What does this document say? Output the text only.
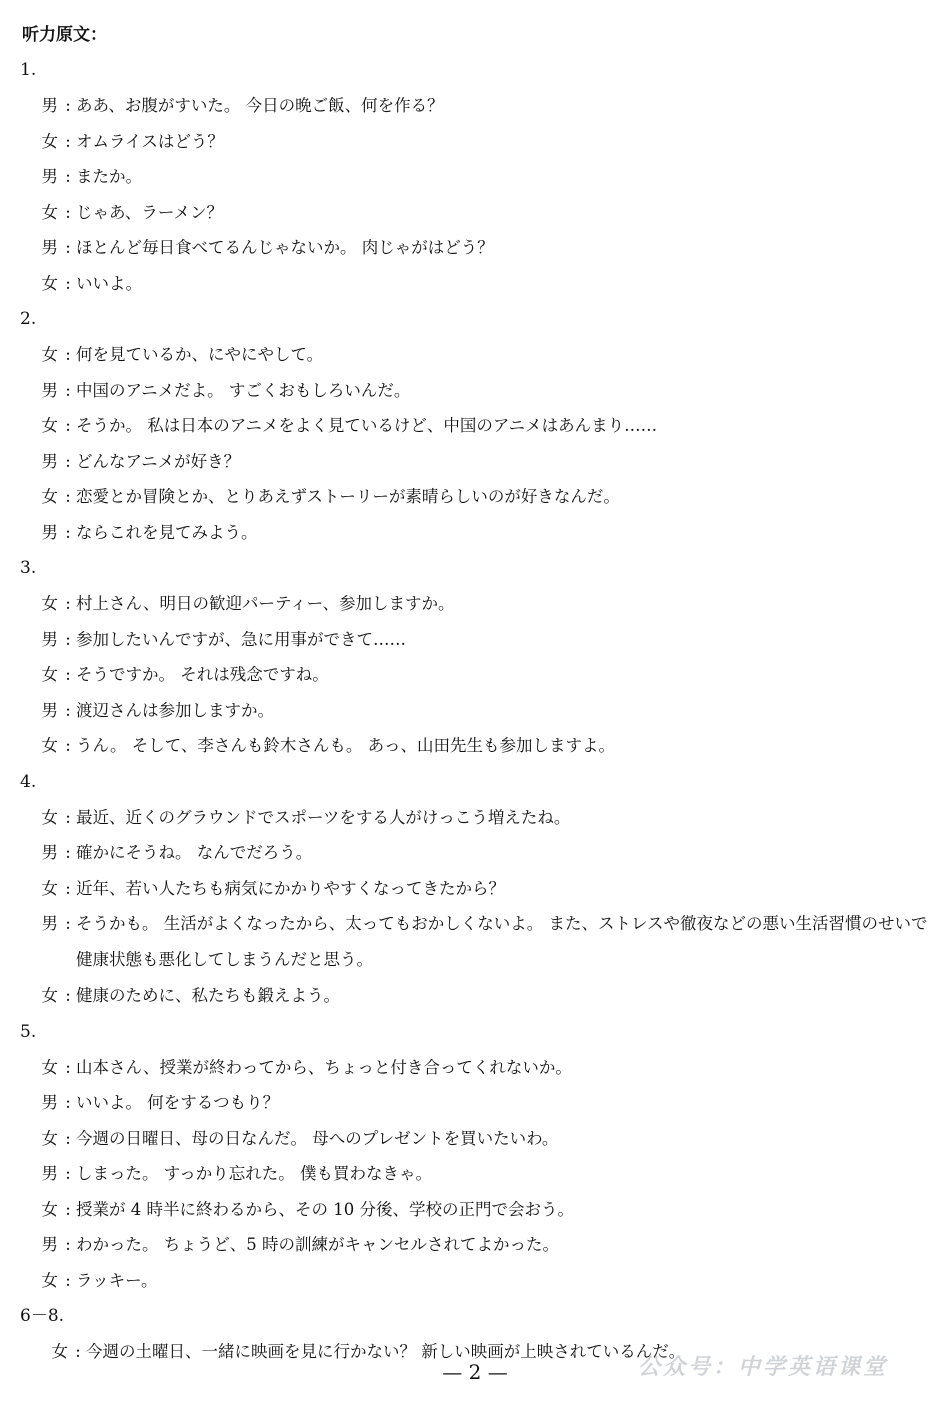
听力原文：
1.
男 : ああ、お腹がすいた。 今日の晩ご飯、何を作る？
女 : オムライスはどう？
男 : またか。
女 : じゃあ、ラーメン？
男 : ほとんど毎日食べてるんじゃないか。 肉じゃがはどう？
女 : いいよ。
2.
女 : 何を見ているか、にやにやして。
男 : 中国のアニメだよ。 すごくおもしろいんだ。
女 : そうか。 私は日本のアニメをよく見ているけど、中国のアニメはあんまり……
男 : どんなアニメが好き？
女 : 恋愛とか冒険とか、とりあえずストーリーが素晴らしいのが好きなんだ。
男 : ならこれを見てみよう。
3.
女 : 村上さん、明日の歓迎パーティー、参加しますか。
男 : 参加したいんですが、急に用事ができて……
女 : そうですか。 それは残念ですね。
男 : 渡辺さんは参加しますか。
女 : うん。 そして、李さんも鈴木さんも。 あっ、山田先生も参加しますよ。
4.
女 : 最近、近くのグラウンドでスポーツをする人がけっこう増えたね。
男 : 確かにそうね。 なんでだろう。
女 : 近年、若い人たちも病気にかかりやすくなってきたから？
男 : そうかも。 生活がよくなったから、太ってもおかしくないよ。 また、ストレスや徹夜などの悪い生活習慣のせいで健康状態も悪化してしまうんだと思う。
女 : 健康のために、私たちも鍛えよう。
5.
女 : 山本さん、授業が終わってから、ちょっと付き合ってくれないか。
男 : いいよ。 何をするつもり？
女 : 今週の日曜日、母の日なんだ。 母へのプレゼントを買いたいわ。
男 : しまった。 すっかり忘れた。 僕も買わなきゃ。
女 : 授業が 4 時半に終わるから、その 10 分後、学校の正門で会おう。
男 : わかった。 ちょうど、5 時の訓練がキャンセルされてよかった。
女 : ラッキー。
6－8.
女 : 今週の土曜日、一緒に映画を見に行かない？ 新しい映画が上映されているんだ。
— 2 —	公众号：中学英语课堂
